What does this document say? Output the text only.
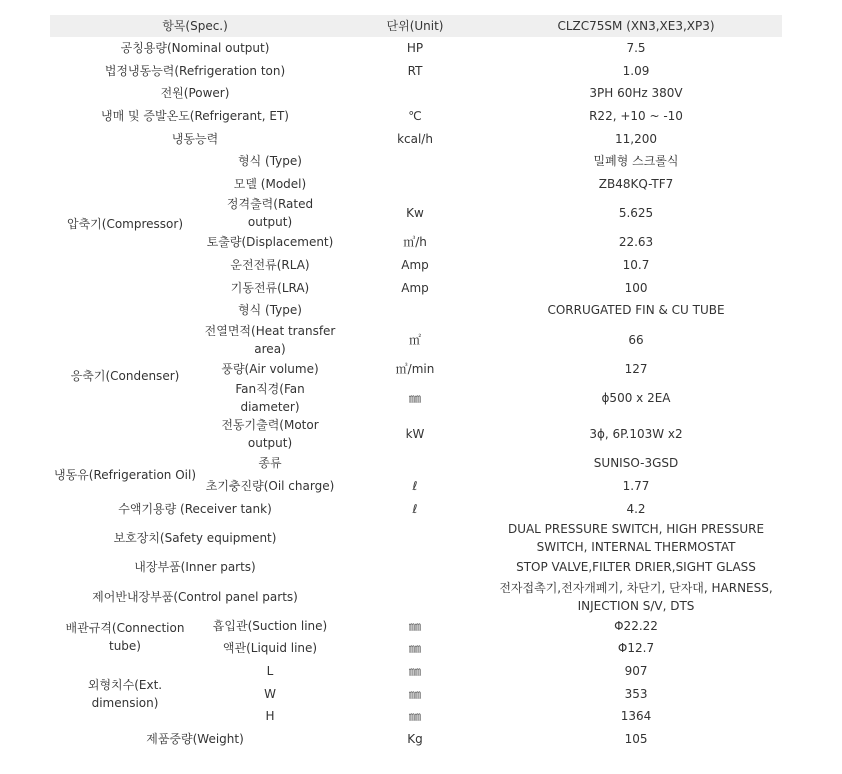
항목(Spec.)		단위(Unit)	CLZC75SM (XN3,XE3,XP3)
공칭용량(Nominal output)		HP	7.5
법정냉동능력(Refrigeration ton)		RT	1.09
전원(Power)			3PH 60Hz 380V
냉매 및 증발온도(Refrigerant, ET)		℃	R22, +10 ~ -10
냉동능력		kcal/h	11,200
압축기(Compressor)	형식 (Type)		밀폐형 스크롤식
	모델 (Model)		ZB48KQ-TF7
	정격출력(Rated output)	Kw	5.625
	토출량(Displacement)	㎥/h	22.63
	운전전류(RLA)	Amp	10.7
	기동전류(LRA)	Amp	100
응축기(Condenser)	형식 (Type)		CORRUGATED FIN & CU TUBE
	전열면적(Heat transfer area)	㎡	66
	풍량(Air volume)	㎥/min	127
	Fan직경(Fan diameter)	㎜	ϕ500 x 2EA
	전동기출력(Motor output)	kW	3ϕ, 6P.103W x2
냉동유(Refrigeration Oil)	종류		SUNISO-3GSD
	초기충진량(Oil charge)	ℓ	1.77
수액기용량 (Receiver tank)		ℓ	4.2
보호장치(Safety equipment)			DUAL PRESSURE SWITCH, HIGH PRESSURE SWITCH, INTERNAL THERMOSTAT
내장부품(Inner parts)			STOP VALVE,FILTER DRIER,SIGHT GLASS
제어반내장부품(Control panel parts)			전자접촉기,전자개폐기, 차단기, 단자대, HARNESS, INJECTION S/V, DTS
배관규격(Connection tube)	흡입관(Suction line)	㎜	Φ22.22
	액관(Liquid line)	㎜	Φ12.7
외형치수(Ext. dimension)	L	㎜	907
	W	㎜	353
	H	㎜	1364
제품중량(Weight)		Kg	105
